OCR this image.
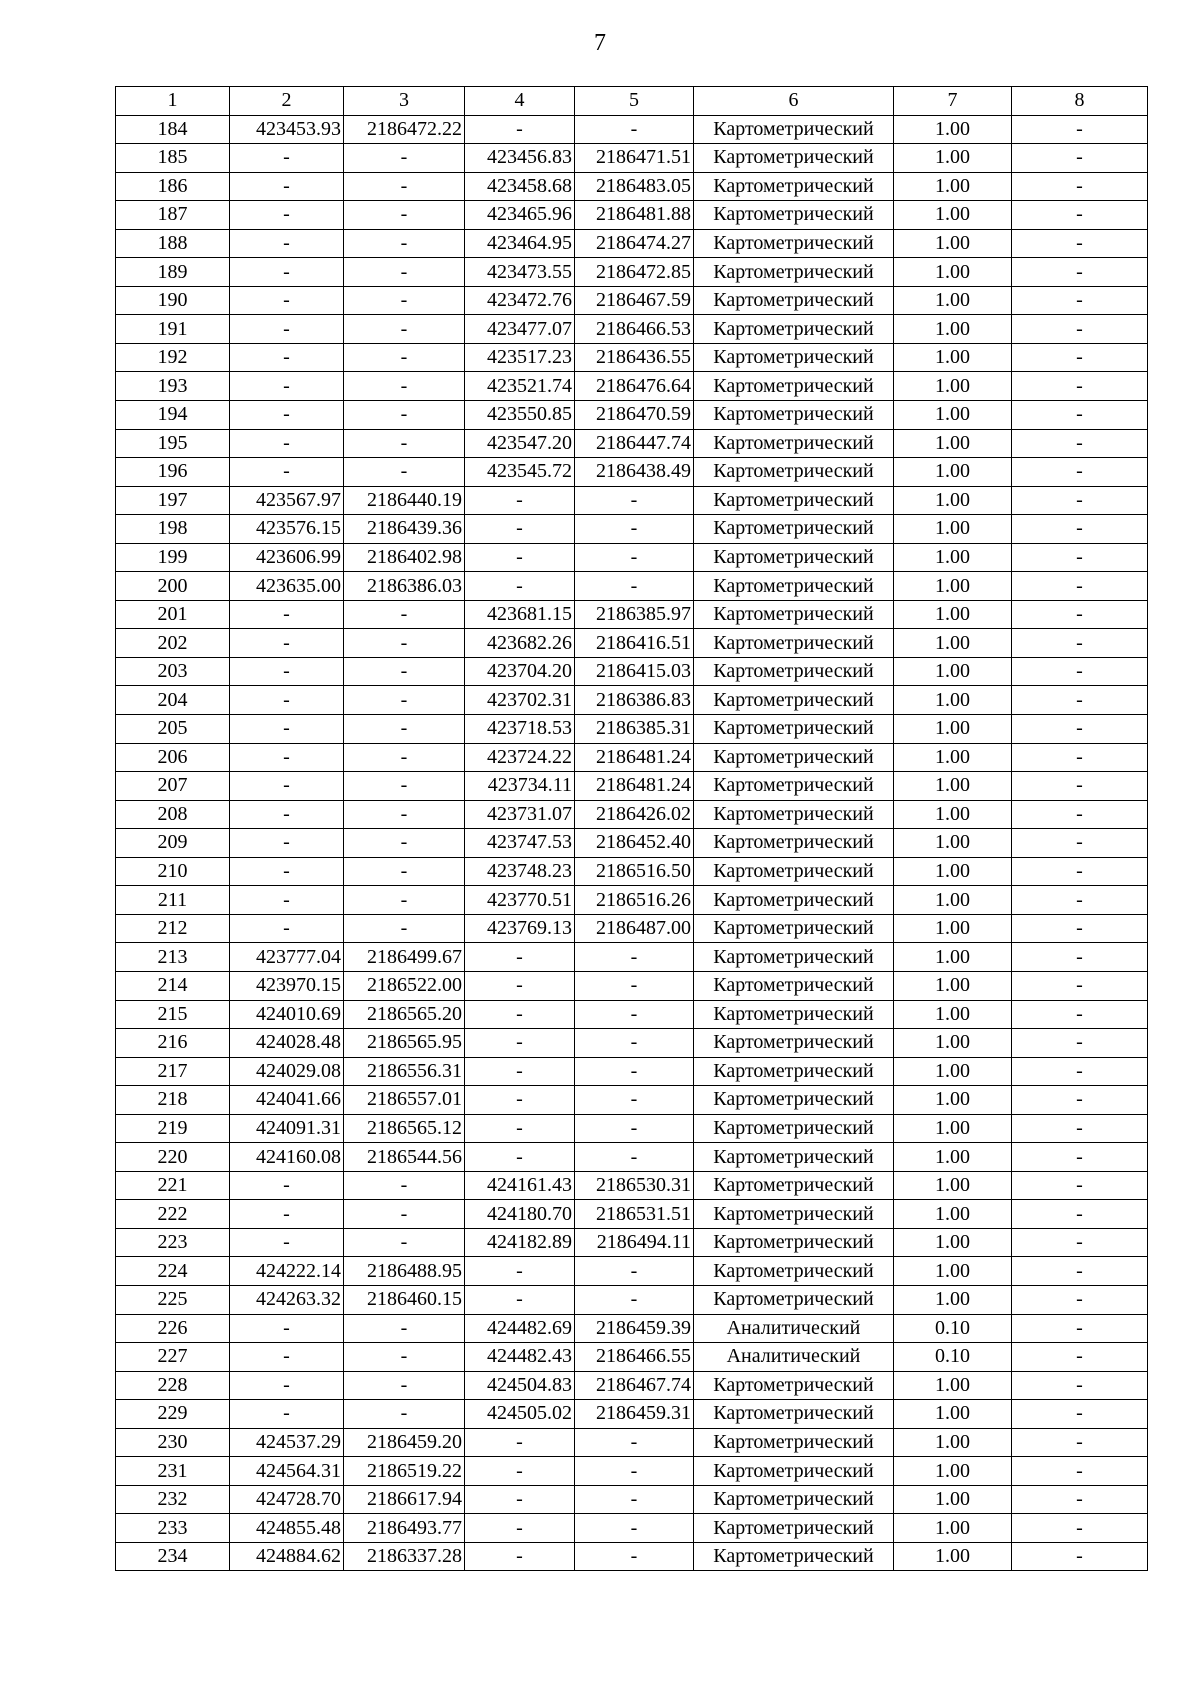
7
1	2	3	4	5	6	7	8
184	423453.93	2186472.22	-	-	Картометрический	1.00	-
185	-	-	423456.83	2186471.51	Картометрический	1.00	-
186	-	-	423458.68	2186483.05	Картометрический	1.00	-
187	-	-	423465.96	2186481.88	Картометрический	1.00	-
188	-	-	423464.95	2186474.27	Картометрический	1.00	-
189	-	-	423473.55	2186472.85	Картометрический	1.00	-
190	-	-	423472.76	2186467.59	Картометрический	1.00	-
191	-	-	423477.07	2186466.53	Картометрический	1.00	-
192	-	-	423517.23	2186436.55	Картометрический	1.00	-
193	-	-	423521.74	2186476.64	Картометрический	1.00	-
194	-	-	423550.85	2186470.59	Картометрический	1.00	-
195	-	-	423547.20	2186447.74	Картометрический	1.00	-
196	-	-	423545.72	2186438.49	Картометрический	1.00	-
197	423567.97	2186440.19	-	-	Картометрический	1.00	-
198	423576.15	2186439.36	-	-	Картометрический	1.00	-
199	423606.99	2186402.98	-	-	Картометрический	1.00	-
200	423635.00	2186386.03	-	-	Картометрический	1.00	-
201	-	-	423681.15	2186385.97	Картометрический	1.00	-
202	-	-	423682.26	2186416.51	Картометрический	1.00	-
203	-	-	423704.20	2186415.03	Картометрический	1.00	-
204	-	-	423702.31	2186386.83	Картометрический	1.00	-
205	-	-	423718.53	2186385.31	Картометрический	1.00	-
206	-	-	423724.22	2186481.24	Картометрический	1.00	-
207	-	-	423734.11	2186481.24	Картометрический	1.00	-
208	-	-	423731.07	2186426.02	Картометрический	1.00	-
209	-	-	423747.53	2186452.40	Картометрический	1.00	-
210	-	-	423748.23	2186516.50	Картометрический	1.00	-
211	-	-	423770.51	2186516.26	Картометрический	1.00	-
212	-	-	423769.13	2186487.00	Картометрический	1.00	-
213	423777.04	2186499.67	-	-	Картометрический	1.00	-
214	423970.15	2186522.00	-	-	Картометрический	1.00	-
215	424010.69	2186565.20	-	-	Картометрический	1.00	-
216	424028.48	2186565.95	-	-	Картометрический	1.00	-
217	424029.08	2186556.31	-	-	Картометрический	1.00	-
218	424041.66	2186557.01	-	-	Картометрический	1.00	-
219	424091.31	2186565.12	-	-	Картометрический	1.00	-
220	424160.08	2186544.56	-	-	Картометрический	1.00	-
221	-	-	424161.43	2186530.31	Картометрический	1.00	-
222	-	-	424180.70	2186531.51	Картометрический	1.00	-
223	-	-	424182.89	2186494.11	Картометрический	1.00	-
224	424222.14	2186488.95	-	-	Картометрический	1.00	-
225	424263.32	2186460.15	-	-	Картометрический	1.00	-
226	-	-	424482.69	2186459.39	Аналитический	0.10	-
227	-	-	424482.43	2186466.55	Аналитический	0.10	-
228	-	-	424504.83	2186467.74	Картометрический	1.00	-
229	-	-	424505.02	2186459.31	Картометрический	1.00	-
230	424537.29	2186459.20	-	-	Картометрический	1.00	-
231	424564.31	2186519.22	-	-	Картометрический	1.00	-
232	424728.70	2186617.94	-	-	Картометрический	1.00	-
233	424855.48	2186493.77	-	-	Картометрический	1.00	-
234	424884.62	2186337.28	-	-	Картометрический	1.00	-
